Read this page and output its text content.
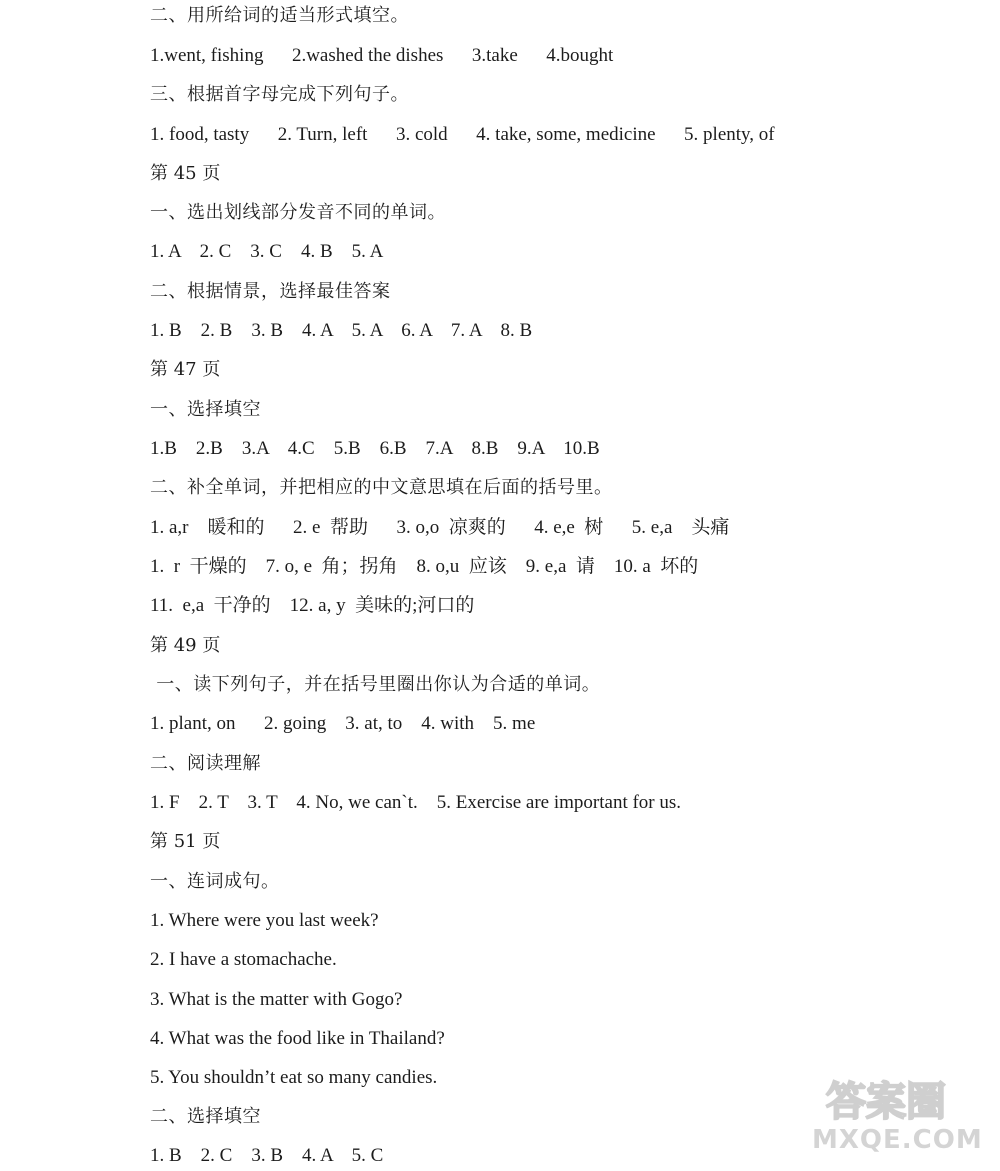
二、用所给词的适当形式填空。

1.went, fishing      2.washed the dishes      3.take      4.bought

三、根据首字母完成下列句子。

1. food, tasty      2. Turn, left      3. cold      4. take, some, medicine      5. plenty, of

第 45 页

一、选出划线部分发音不同的单词。

1. A    2. C    3. C    4. B    5. A

二、根据情景，选择最佳答案

1. B    2. B    3. B    4. A    5. A    6. A    7. A    8. B

第 47 页

一、选择填空

1.B    2.B    3.A    4.C    5.B    6.B    7.A    8.B    9.A    10.B

二、补全单词，并把相应的中文意思填在后面的括号里。

1. a,r    暖和的      2. e  帮助      3. o,o  凉爽的      4. e,e  树      5. e,a    头痛

1.  r  干燥的    7. o, e  角；拐角    8. o,u  应该    9. e,a  请    10. a  坏的

11.  e,a  干净的    12. a, y  美味的;河口的

第 49 页

一、读下列句子，并在括号里圈出你认为合适的单词。

1. plant, on      2. going    3. at, to    4. with    5. me

二、阅读理解

1. F    2. T    3. T    4. No, we can`t.    5. Exercise are important for us.

第 51 页

一、连词成句。

1. Where were you last week?

2. I have a stomachache.

3. What is the matter with Gogo?

4. What was the food like in Thailand?

5. You shouldn’t eat so many candies.

二、选择填空

1. B    2. C    3. B    4. A    5. C

答案圈
MXQE.COM
